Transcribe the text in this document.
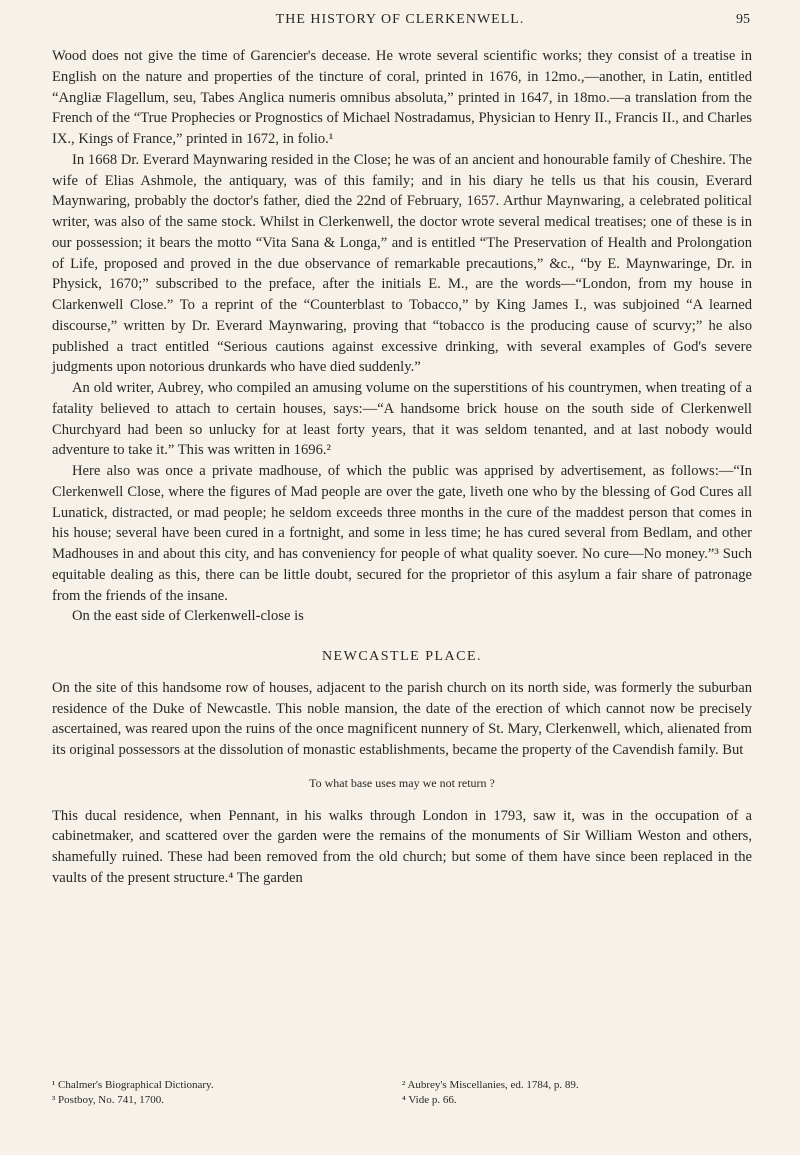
THE HISTORY OF CLERKENWELL.	95

Wood does not give the time of Garencier's decease. He wrote several scientific works; they consist of a treatise in English on the nature and properties of the tincture of coral, printed in 1676, in 12mo.,—another, in Latin, entitled “Angliæ Flagellum, seu, Tabes Anglica numeris omnibus absoluta,” printed in 1647, in 18mo.—a translation from the French of the “True Prophecies or Prognostics of Michael Nostradamus, Physician to Henry II., Francis II., and Charles IX., Kings of France,” printed in 1672, in folio.¹

In 1668 Dr. Everard Maynwaring resided in the Close; he was of an ancient and honourable family of Cheshire. The wife of Elias Ashmole, the antiquary, was of this family; and in his diary he tells us that his cousin, Everard Maynwaring, probably the doctor's father, died the 22nd of February, 1657. Arthur Maynwaring, a celebrated political writer, was also of the same stock. Whilst in Clerkenwell, the doctor wrote several medical treatises; one of these is in our possession; it bears the motto “Vita Sana & Longa,” and is entitled “The Preservation of Health and Prolongation of Life, proposed and proved in the due observance of remarkable precautions,” &c., “by E. Maynwaringe, Dr. in Physick, 1670;” subscribed to the preface, after the initials E. M., are the words—“London, from my house in Clarkenwell Close.” To a reprint of the “Counterblast to Tobacco,” by King James I., was subjoined “A learned discourse,” written by Dr. Everard Maynwaring, proving that “tobacco is the producing cause of scurvy;” he also published a tract entitled “Serious cautions against excessive drinking, with several examples of God's severe judgments upon notorious drunkards who have died suddenly.”

An old writer, Aubrey, who compiled an amusing volume on the superstitions of his countrymen, when treating of a fatality believed to attach to certain houses, says:—“A handsome brick house on the south side of Clerkenwell Churchyard had been so unlucky for at least forty years, that it was seldom tenanted, and at last nobody would adventure to take it.” This was written in 1696.²

Here also was once a private madhouse, of which the public was apprised by advertisement, as follows:—“In Clerkenwell Close, where the figures of Mad people are over the gate, liveth one who by the blessing of God Cures all Lunatick, distracted, or mad people; he seldom exceeds three months in the cure of the maddest person that comes in his house; several have been cured in a fortnight, and some in less time; he has cured several from Bedlam, and other Madhouses in and about this city, and has conveniency for people of what quality soever. No cure—No money.”³ Such equitable dealing as this, there can be little doubt, secured for the proprietor of this asylum a fair share of patronage from the friends of the insane.

On the east side of Clerkenwell-close is

NEWCASTLE PLACE.

On the site of this handsome row of houses, adjacent to the parish church on its north side, was formerly the suburban residence of the Duke of Newcastle. This noble mansion, the date of the erection of which cannot now be precisely ascertained, was reared upon the ruins of the once magnificent nunnery of St. Mary, Clerkenwell, which, alienated from its original possessors at the dissolution of monastic establishments, became the property of the Cavendish family. But

To what base uses may we not return ?

This ducal residence, when Pennant, in his walks through London in 1793, saw it, was in the occupation of a cabinetmaker, and scattered over the garden were the remains of the monuments of Sir William Weston and others, shamefully ruined. These had been removed from the old church; but some of them have since been replaced in the vaults of the present structure.⁴ The garden

¹ Chalmer's Biographical Dictionary.	² Aubrey's Miscellanies, ed. 1784, p. 89.
³ Postboy, No. 741, 1700.	⁴ Vide p. 66.
